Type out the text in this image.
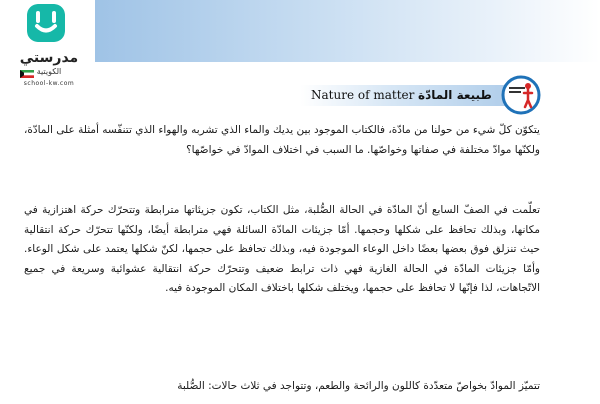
مدرستي
الكويتية
school-kw.com
طبيعة المادّة
Nature of matter

يتكوّن كلّ شيء من حولنا من مادّة، فالكتاب الموجود بين يديك والماء الذي تشربه والهواء الذي تتنفّسه أمثلة على المادّة، ولكنّها موادّ مختلفة في صفاتها وخواصّها. ما السبب في اختلاف الموادّ في خواصّها؟

تعلّمت في الصفّ السابع أنّ المادّة في الحالة الصُّلبة، مثل الكتاب، تكون جزيئاتها مترابطة وتتحرّك حركة اهتزازية في مكانها، وبذلك تحافظ على شكلها وحجمها. أمّا جزيئات المادّة السائلة فهي مترابطة أيضًا، ولكنّها تتحرّك حركة انتقالية حيث تنزلق فوق بعضها بعضًا داخل الوعاء الموجودة فيه، وبذلك تحافظ على حجمها، لكنّ شكلها يعتمد على شكل الوعاء. وأمّا جزيئات المادّة في الحالة الغازية فهي ذات ترابط ضعيف وتتحرّك حركة انتقالية عشوائية وسريعة في جميع الاتّجاهات، لذا فإنّها لا تحافظ على حجمها، ويختلف شكلها باختلاف المكان الموجودة فيه.

تتميّز الموادّ بخواصّ متعدّدة كاللون والرائحة والطعم، وتتواجد في ثلاث حالات: الصُّلبة
